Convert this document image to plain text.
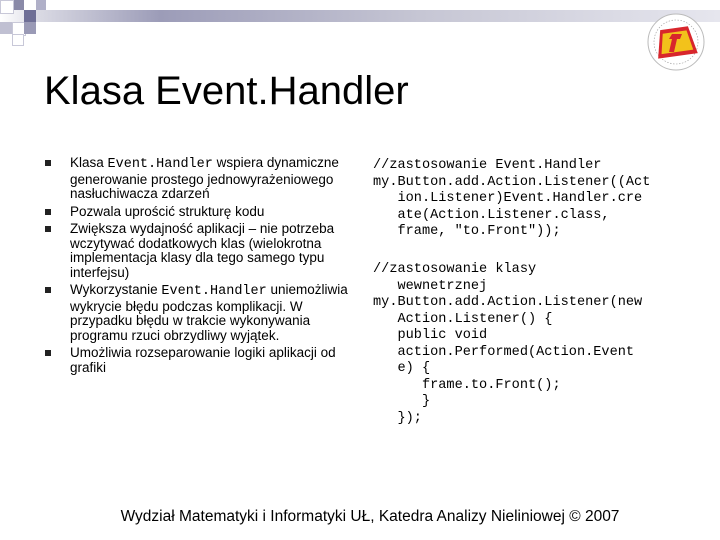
Klasa Event.Handler
Klasa Event.Handler wspiera dynamiczne generowanie prostego jednowyrażeniowego nasłuchiwacza zdarzeń
Pozwala uprościć strukturę kodu
Zwiększa wydajność aplikacji – nie potrzeba wczytywać dodatkowych klas (wielokrotna implementacja klasy dla tego samego typu interfejsu)
Wykorzystanie Event.Handler uniemożliwia wykrycie błędu podczas komplikacji. W przypadku błędu w trakcie wykonywania programu rzuci obrzydliwy wyjątek.
Umożliwia rozseparowanie logiki aplikacji od grafiki
//zastosowanie Event.Handler
my.Button.add.Action.Listener((Act
ion.Listener)Event.Handler.cre
ate(Action.Listener.class,
frame, "to.Front"));
//zastosowanie klasy
wewnetrznej
my.Button.add.Action.Listener(new
Action.Listener() {
public void
action.Performed(Action.Event
e) {
frame.to.Front();
}
});
Wydział Matematyki i Informatyki UŁ, Katedra Analizy Nieliniowej © 2007
